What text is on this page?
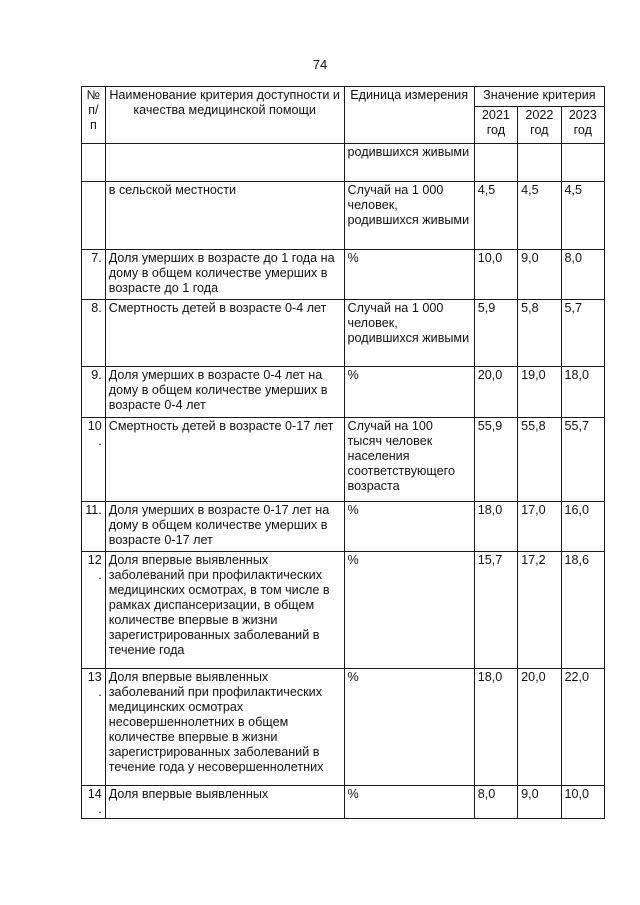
74
№ п/п	Наименование критерия доступности и качества медицинской помощи	Единица измерения	Значение критерия		
			2021 год	2022 год	2023 год
		родившихся живыми			
	в сельской местности	Случай на 1 000 человек, родившихся живыми	4,5	4,5	4,5
7.	Доля умерших в возрасте до 1 года на дому в общем количестве умерших в возрасте до 1 года	%	10,0	9,0	8,0
8.	Смертность детей в возрасте 0-4 лет	Случай на 1 000 человек, родившихся живыми	5,9	5,8	5,7
9.	Доля умерших в возрасте 0-4 лет на дому в общем количестве умерших в возрасте 0-4 лет	%	20,0	19,0	18,0
10.	Смертность детей в возрасте 0-17 лет	Случай на 100 тысяч человек населения соответствующего возраста	55,9	55,8	55,7
11.	Доля умерших в возрасте 0-17 лет на дому в общем количестве умерших в возрасте 0-17 лет	%	18,0	17,0	16,0
12.	Доля впервые выявленных заболеваний при профилактических медицинских осмотрах, в том числе в рамках диспансеризации, в общем количестве впервые в жизни зарегистрированных заболеваний в течение года	%	15,7	17,2	18,6
13.	Доля впервые выявленных заболеваний при профилактических медицинских осмотрах несовершеннолетних в общем количестве впервые в жизни зарегистрированных заболеваний в течение года у несовершеннолетних	%	18,0	20,0	22,0
14.	Доля впервые выявленных	%	8,0	9,0	10,0
